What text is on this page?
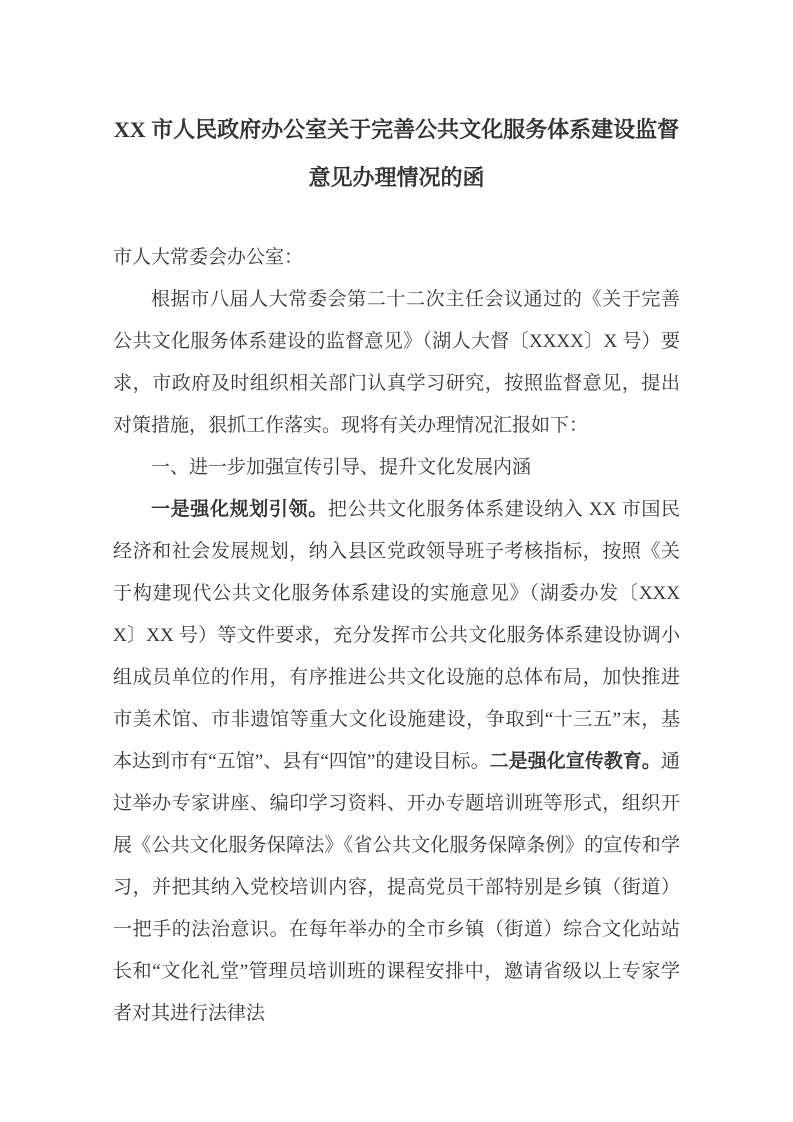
XX 市人民政府办公室关于完善公共文化服务体系建设监督意见办理情况的函

市人大常委会办公室：

根据市八届人大常委会第二十二次主任会议通过的《关于完善公共文化服务体系建设的监督意见》（湖人大督〔XXXX〕X 号）要求，市政府及时组织相关部门认真学习研究，按照监督意见，提出对策措施，狠抓工作落实。现将有关办理情况汇报如下：

一、进一步加强宣传引导、提升文化发展内涵

一是强化规划引领。把公共文化服务体系建设纳入 XX 市国民经济和社会发展规划，纳入县区党政领导班子考核指标，按照《关于构建现代公共文化服务体系建设的实施意见》（湖委办发〔XXXX〕XX 号）等文件要求，充分发挥市公共文化服务体系建设协调小组成员单位的作用，有序推进公共文化设施的总体布局，加快推进市美术馆、市非遗馆等重大文化设施建设，争取到“十三五”末，基本达到市有“五馆”、县有“四馆”的建设目标。二是强化宣传教育。通过举办专家讲座、编印学习资料、开办专题培训班等形式，组织开展《公共文化服务保障法》《省公共文化服务保障条例》的宣传和学习，并把其纳入党校培训内容，提高党员干部特别是乡镇（街道）一把手的法治意识。在每年举办的全市乡镇（街道）综合文化站站长和“文化礼堂”管理员培训班的课程安排中，邀请省级以上专家学者对其进行法律法
